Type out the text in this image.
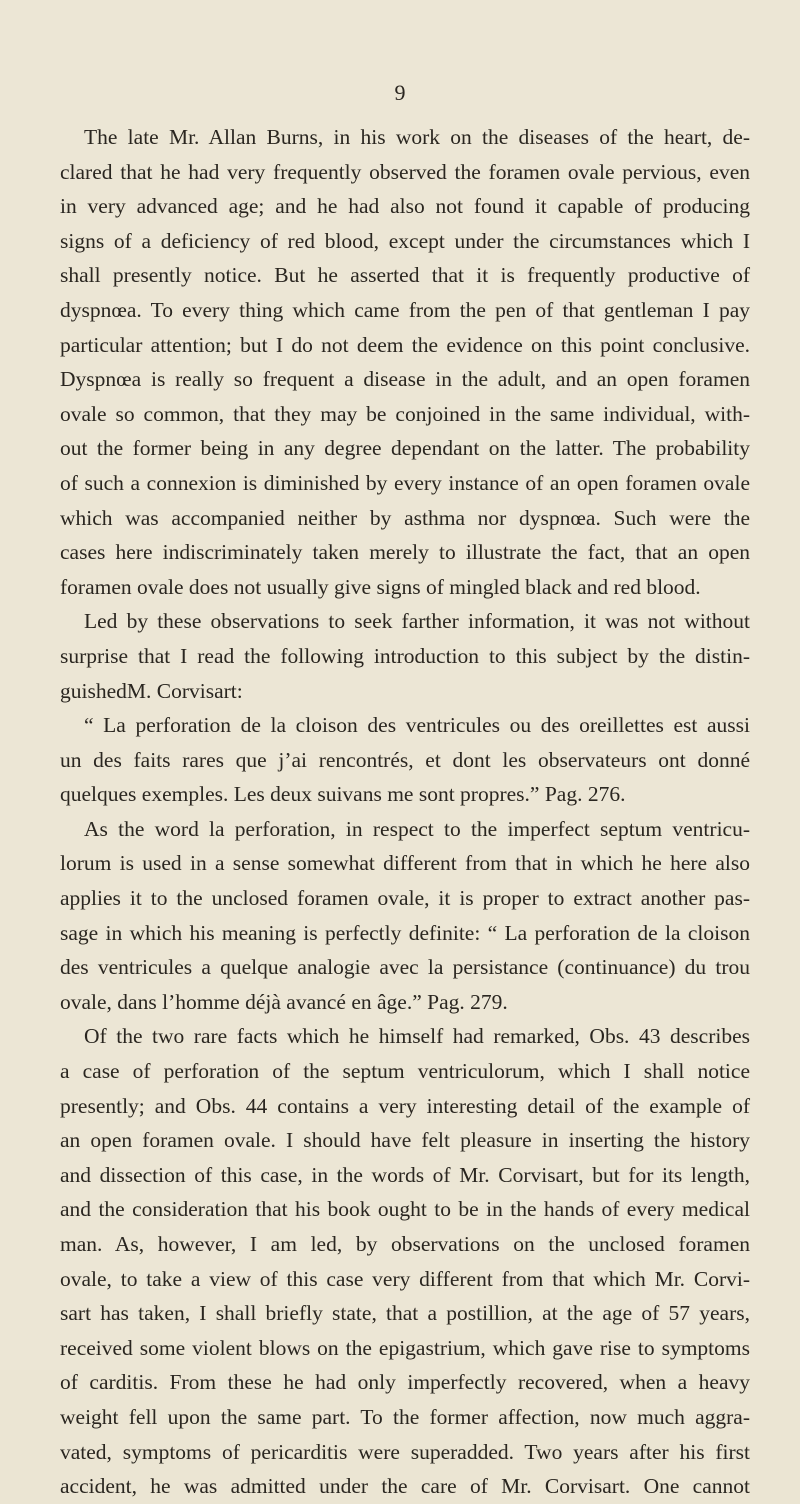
9
The late Mr. Allan Burns, in his work on the diseases of the heart, de-
clared that he had very frequently observed the foramen ovale pervious, even
in very advanced age; and he had also not found it capable of producing
signs of a deficiency of red blood, except under the circumstances which I
shall presently notice. But he asserted that it is frequently productive of
dyspnœa. To every thing which came from the pen of that gentleman I pay
particular attention; but I do not deem the evidence on this point conclusive.
Dyspnœa is really so frequent a disease in the adult, and an open foramen
ovale so common, that they may be conjoined in the same individual, with-
out the former being in any degree dependant on the latter. The probability
of such a connexion is diminished by every instance of an open foramen ovale
which was accompanied neither by asthma nor dyspnœa. Such were the
cases here indiscriminately taken merely to illustrate the fact, that an open
foramen ovale does not usually give signs of mingled black and red blood.
Led by these observations to seek farther information, it was not without
surprise that I read the following introduction to this subject by the distin-
guishedM. Corvisart:
“ La perforation de la cloison des ventricules ou des oreillettes est aussi
un des faits rares que j’ai rencontrés, et dont les observateurs ont donné
quelques exemples. Les deux suivans me sont propres.” Pag. 276.
As the word la perforation, in respect to the imperfect septum ventricu-
lorum is used in a sense somewhat different from that in which he here also
applies it to the unclosed foramen ovale, it is proper to extract another pas-
sage in which his meaning is perfectly definite: “ La perforation de la cloison
des ventricules a quelque analogie avec la persistance (continuance) du trou
ovale, dans l’homme déjà avancé en âge.” Pag. 279.
Of the two rare facts which he himself had remarked, Obs. 43 describes
a case of perforation of the septum ventriculorum, which I shall notice
presently; and Obs. 44 contains a very interesting detail of the example of
an open foramen ovale. I should have felt pleasure in inserting the history
and dissection of this case, in the words of Mr. Corvisart, but for its length,
and the consideration that his book ought to be in the hands of every medical
man. As, however, I am led, by observations on the unclosed foramen
ovale, to take a view of this case very different from that which Mr. Corvi-
sart has taken, I shall briefly state, that a postillion, at the age of 57 years,
received some violent blows on the epigastrium, which gave rise to symptoms
of carditis. From these he had only imperfectly recovered, when a heavy
weight fell upon the same part. To the former affection, now much aggra-
vated, symptoms of pericarditis were superadded. Two years after his first
accident, he was admitted under the care of Mr. Corvisart. One cannot
